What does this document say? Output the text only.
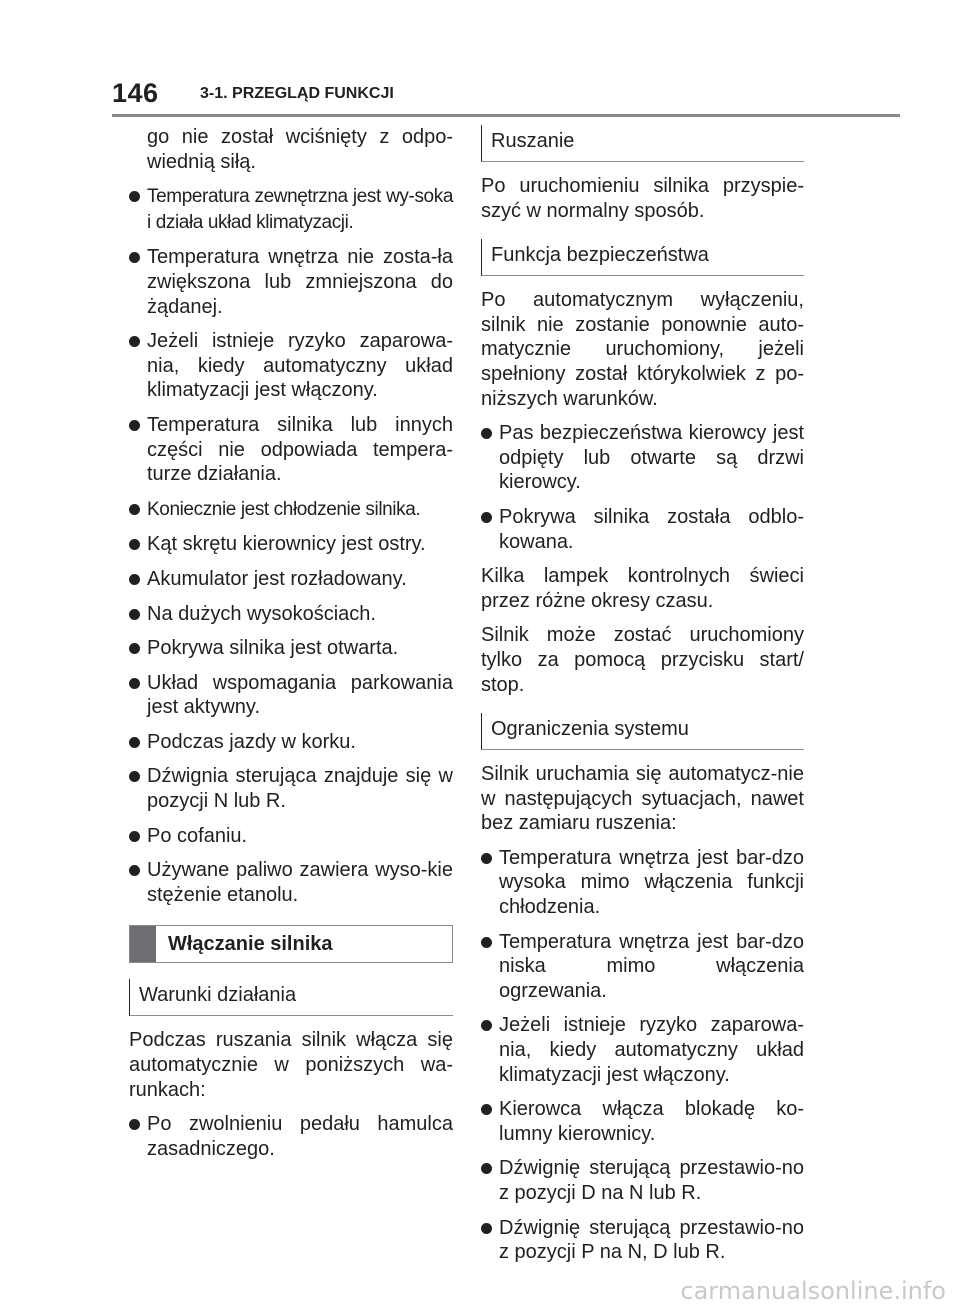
146	3-1. PRZEGLĄD FUNKCJI

go nie został wciśnięty z odpo-wiednią siłą.

Temperatura zewnętrzna jest wy-soka i działa układ klimatyzacji.
Temperatura wnętrza nie zosta-ła zwiększona lub zmniejszona do żądanej.
Jeżeli istnieje ryzyko zaparowa-nia, kiedy automatyczny układ klimatyzacji jest włączony.
Temperatura silnika lub innych części nie odpowiada tempera-turze działania.
Koniecznie jest chłodzenie silnika.
Kąt skrętu kierownicy jest ostry.
Akumulator jest rozładowany.
Na dużych wysokościach.
Pokrywa silnika jest otwarta.
Układ wspomagania parkowania jest aktywny.
Podczas jazdy w korku.
Dźwignia sterująca znajduje się w pozycji N lub R.
Po cofaniu.
Używane paliwo zawiera wyso-kie stężenie etanolu.
Włączanie silnika
Warunki działania

Podczas ruszania silnik włącza się automatycznie w poniższych wa-runkach:

Po zwolnieniu pedału hamulca zasadniczego.
Ruszanie

Po uruchomieniu silnika przyspie-szyć w normalny sposób.

Funkcja bezpieczeństwa

Po automatycznym wyłączeniu, silnik nie zostanie ponownie auto-matycznie uruchomiony, jeżeli spełniony został którykolwiek z po-niższych warunków.

Pas bezpieczeństwa kierowcy jest odpięty lub otwarte są drzwi kierowcy.
Pokrywa silnika została odblo-kowana.

Kilka lampek kontrolnych świeci przez różne okresy czasu.

Silnik może zostać uruchomiony tylko za pomocą przycisku start/ stop.

Ograniczenia systemu

Silnik uruchamia się automatycz-nie w następujących sytuacjach, nawet bez zamiaru ruszenia:

Temperatura wnętrza jest bar-dzo wysoka mimo włączenia funkcji chłodzenia.
Temperatura wnętrza jest bar-dzo niska mimo włączenia ogrzewania.
Jeżeli istnieje ryzyko zaparowa-nia, kiedy automatyczny układ klimatyzacji jest włączony.
Kierowca włącza blokadę ko-lumny kierownicy.
Dźwignię sterującą przestawio-no z pozycji D na N lub R.
Dźwignię sterującą przestawio-no z pozycji P na N, D lub R.
carmanualsonline.info
